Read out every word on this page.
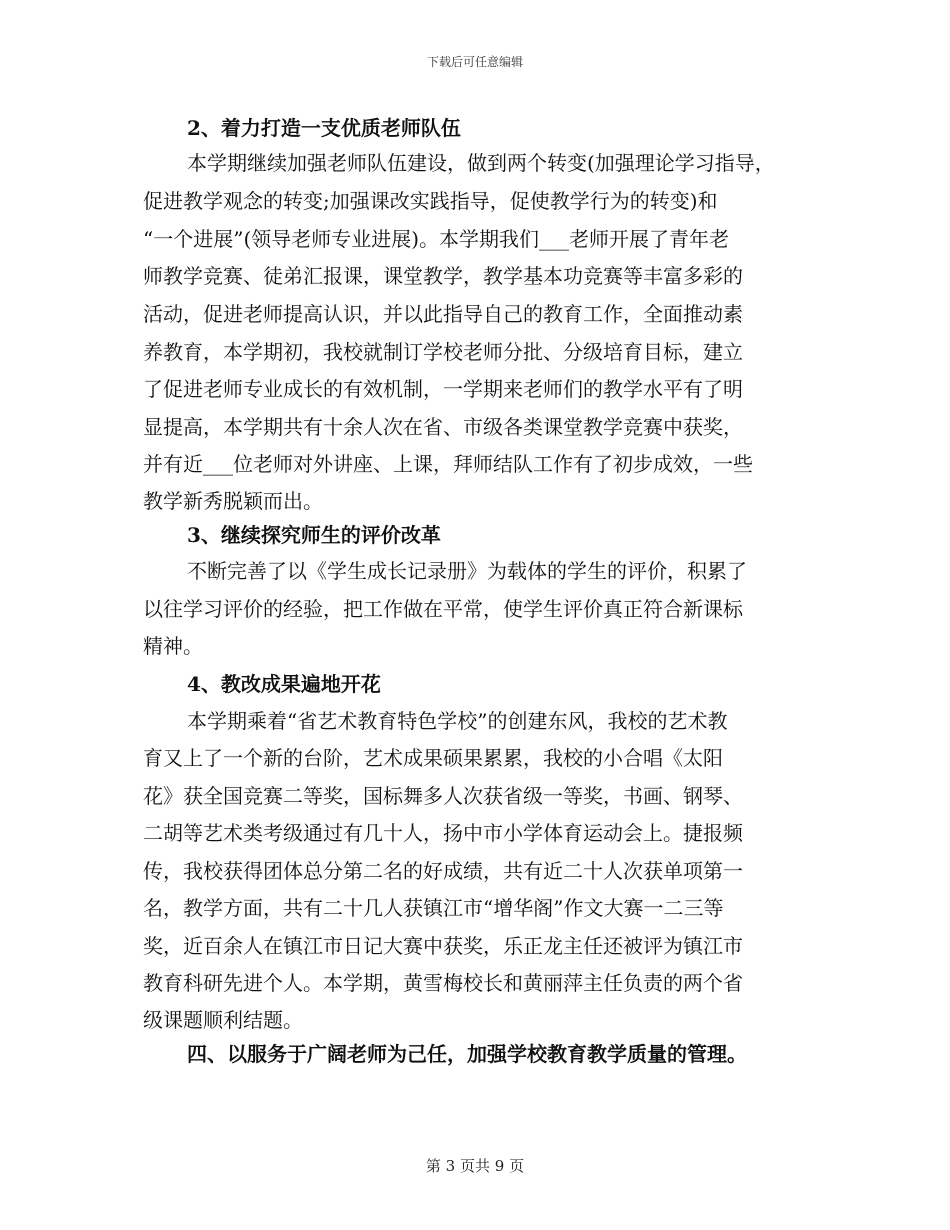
下载后可任意编辑
2、着力打造一支优质老师队伍
本学期继续加强老师队伍建设，做到两个转变(加强理论学习指导，
促进教学观念的转变;加强课改实践指导，促使教学行为的转变)和
“一个进展”(领导老师专业进展)。本学期我们___老师开展了青年老
师教学竞赛、徒弟汇报课，课堂教学，教学基本功竞赛等丰富多彩的
活动，促进老师提高认识，并以此指导自己的教育工作，全面推动素
养教育，本学期初，我校就制订学校老师分批、分级培育目标，建立
了促进老师专业成长的有效机制，一学期来老师们的教学水平有了明
显提高，本学期共有十余人次在省、市级各类课堂教学竞赛中获奖，
并有近___位老师对外讲座、上课，拜师结队工作有了初步成效，一些
教学新秀脱颖而出。
3、继续探究师生的评价改革
不断完善了以《学生成长记录册》为载体的学生的评价，积累了
以往学习评价的经验，把工作做在平常，使学生评价真正符合新课标
精神。
4、教改成果遍地开花
本学期乘着“省艺术教育特色学校”的创建东风，我校的艺术教
育又上了一个新的台阶，艺术成果硕果累累，我校的小合唱《太阳
花》获全国竞赛二等奖，国标舞多人次获省级一等奖，书画、钢琴、
二胡等艺术类考级通过有几十人，扬中市小学体育运动会上。捷报频
传，我校获得团体总分第二名的好成绩，共有近二十人次获单项第一
名，教学方面，共有二十几人获镇江市“增华阁”作文大赛一二三等
奖，近百余人在镇江市日记大赛中获奖，乐正龙主任还被评为镇江市
教育科研先进个人。本学期，黄雪梅校长和黄丽萍主任负责的两个省
级课题顺利结题。
四、以服务于广阔老师为己任，加强学校教育教学质量的管理。
第 3 页共 9 页
